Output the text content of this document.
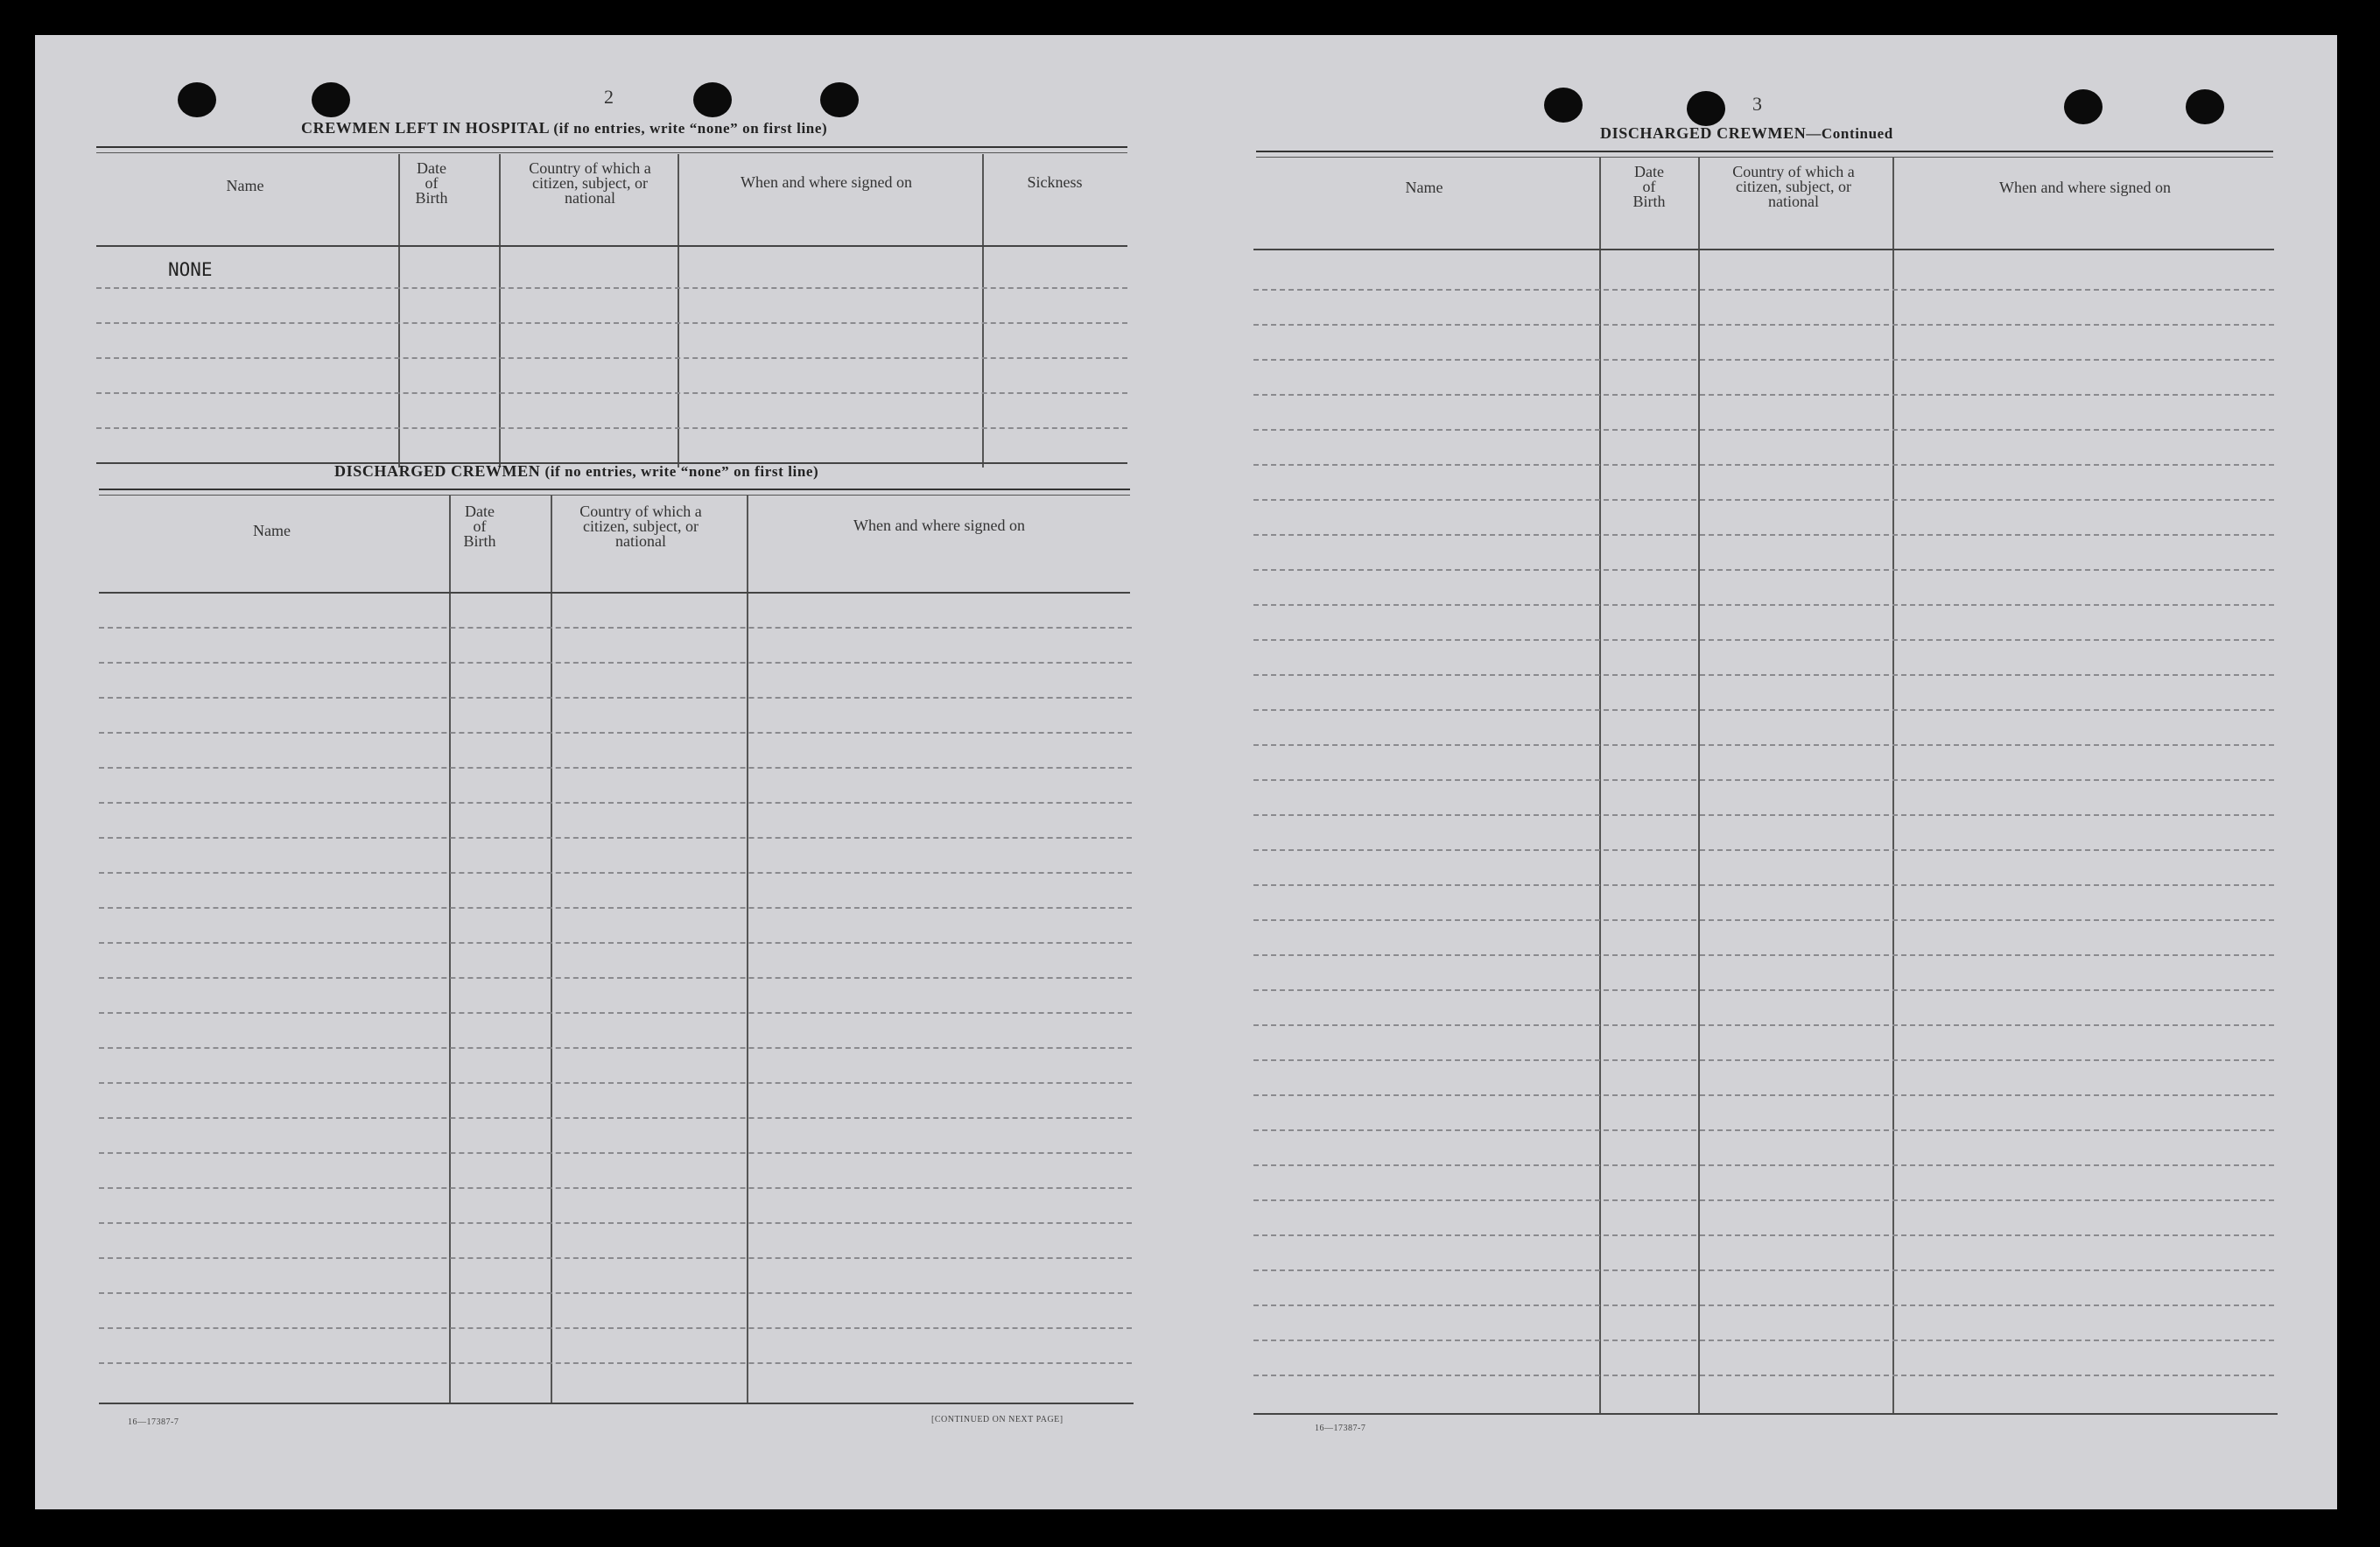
2
CREWMEN LEFT IN HOSPITAL (if no entries, write “none” on first line)
Name
Date
of
Birth
Country of which a
citizen, subject, or
national
When and where signed on	Sickness
NONE
DISCHARGED CREWMEN (if no entries, write “none” on first line)
Name
Date
of
Birth
Country of which a
citizen, subject, or
national
When and where signed on
16—17387-7	[CONTINUED ON NEXT PAGE]
3
DISCHARGED CREWMEN—Continued
Name
Date
of
Birth
Country of which a
citizen, subject, or
national
When and where signed on
16—17387-7
